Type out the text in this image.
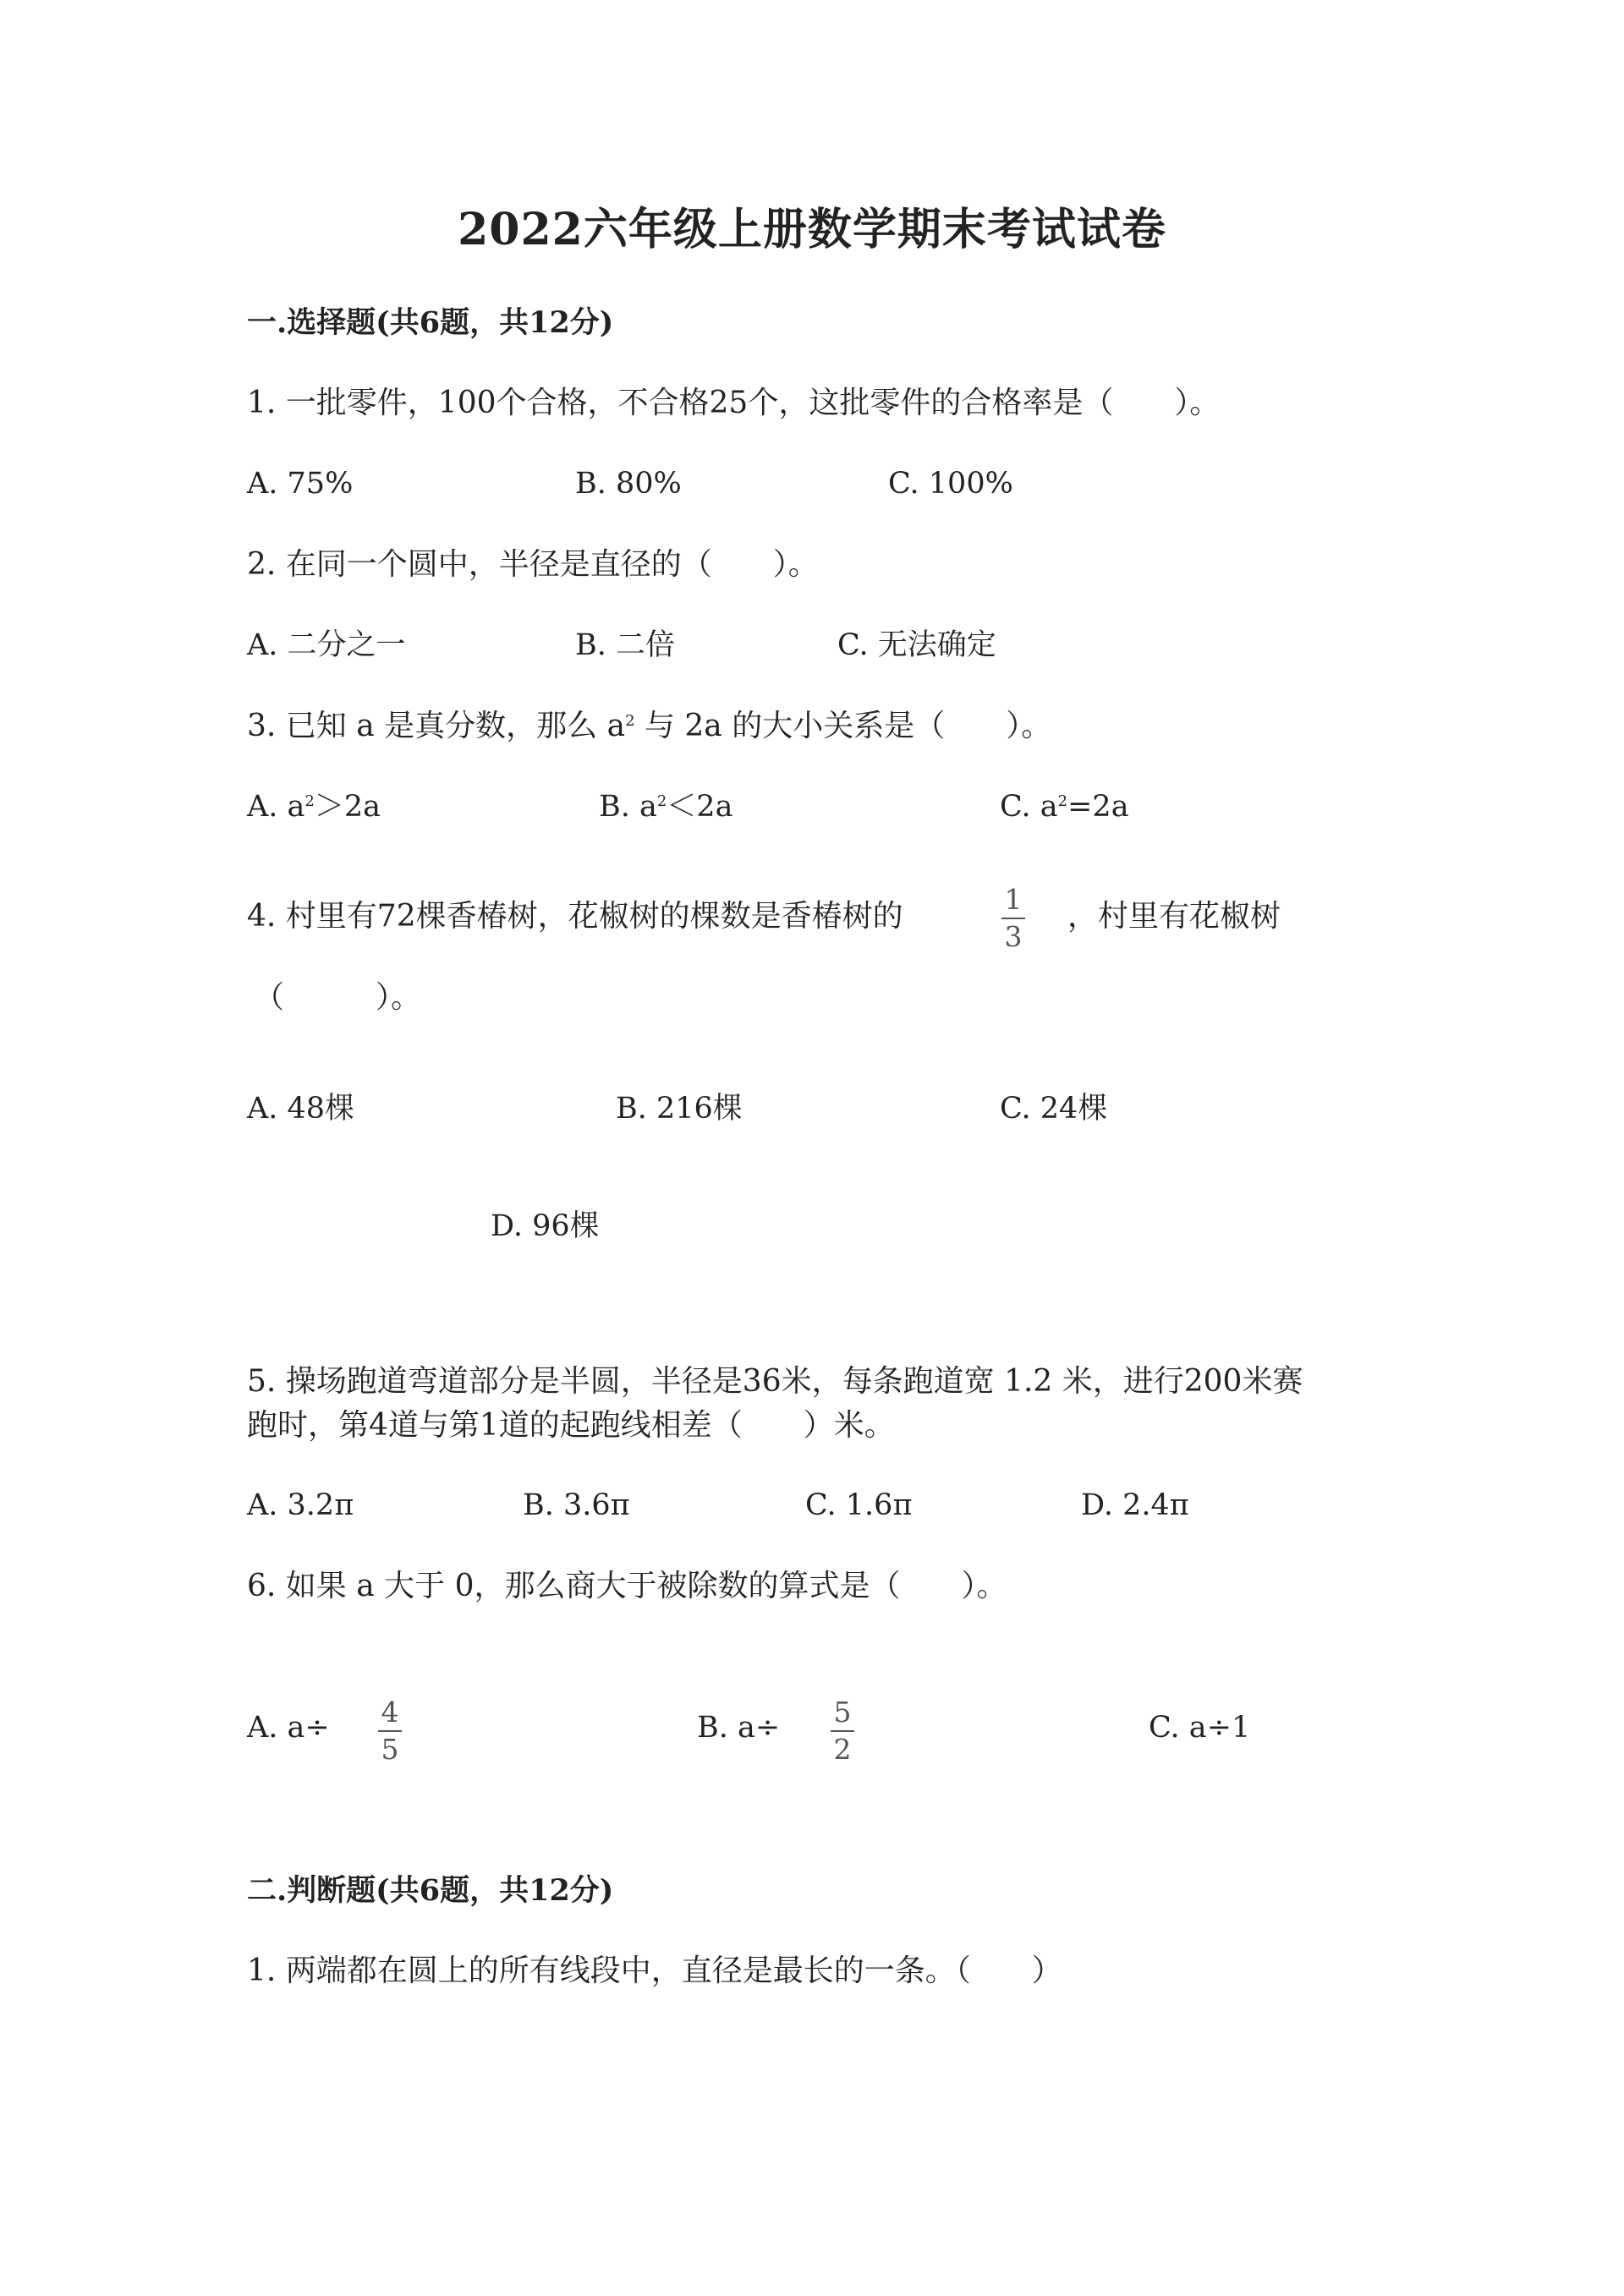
2022六年级上册数学期末考试试卷
一.选择题(共6题，共12分)
1. 一批零件，100个合格，不合格25个，这批零件的合格率是（　　）。
A. 75%	B. 80%	C. 100%
2. 在同一个圆中，半径是直径的（　　）。
A. 二分之一	B. 二倍	C. 无法确定
3. 已知 a 是真分数，那么 $a^2$ 与 2a 的大小关系是（　　）。
A. $a^2>2a$	B. $a^2<2a$	C. $a^2=2a$
4. 村里有72棵香椿树，花椒树的棵数是香椿树的	1
3
，村里有花椒树
（　　　）。
A. 48棵	B. 216棵	C. 24棵
D. 96棵
5. 操场跑道弯道部分是半圆，半径是36米，每条跑道宽 1.2 米，进行200米赛
跑时，第4道与第1道的起跑线相差（　　）米。
A. 3.2π	B. 3.6π	C. 1.6π	D. 2.4π
6. 如果 a 大于 0，那么商大于被除数的算式是（　　）。
A. a÷ 4
5
B. a÷ 5
2
C. a÷1
二.判断题(共6题，共12分)
1. 两端都在圆上的所有线段中，直径是最长的一条。（　　）
